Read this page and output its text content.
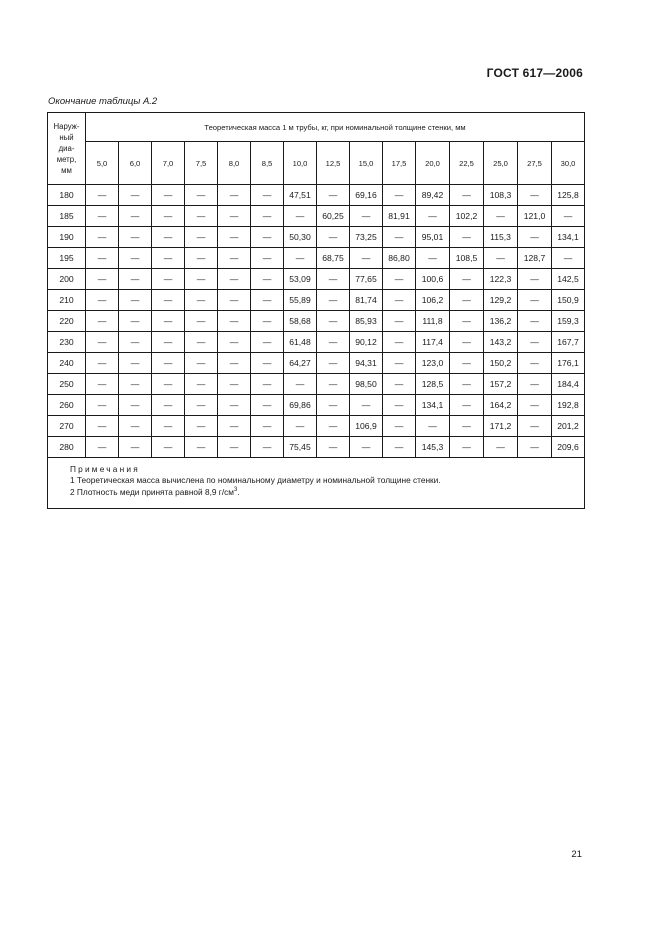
ГОСТ 617—2006
Окончание таблицы А.2
Наруж-
ный
диа-
метр,
мм	Теоретическая масса 1 м трубы, кг, при номинальной толщине стенки, мм														
	5,0	6,0	7,0	7,5	8,0	8,5	10,0	12,5	15,0	17,5	20,0	22,5	25,0	27,5	30,0
180	—	—	—	—	—	—	47,51	—	69,16	—	89,42	—	108,3	—	125,8
185	—	—	—	—	—	—	—	60,25	—	81,91	—	102,2	—	121,0	—
190	—	—	—	—	—	—	50,30	—	73,25	—	95,01	—	115,3	—	134,1
195	—	—	—	—	—	—	—	68,75	—	86,80	—	108,5	—	128,7	—
200	—	—	—	—	—	—	53,09	—	77,65	—	100,6	—	122,3	—	142,5
210	—	—	—	—	—	—	55,89	—	81,74	—	106,2	—	129,2	—	150,9
220	—	—	—	—	—	—	58,68	—	85,93	—	111,8	—	136,2	—	159,3
230	—	—	—	—	—	—	61,48	—	90,12	—	117,4	—	143,2	—	167,7
240	—	—	—	—	—	—	64,27	—	94,31	—	123,0	—	150,2	—	176,1
250	—	—	—	—	—	—	—	—	98,50	—	128,5	—	157,2	—	184,4
260	—	—	—	—	—	—	69,86	—	—	—	134,1	—	164,2	—	192,8
270	—	—	—	—	—	—	—	—	106,9	—	—	—	171,2	—	201,2
280	—	—	—	—	—	—	75,45	—	—	—	145,3	—	—	—	209,6

Примечания
1 Теоретическая масса вычислена по номинальному диаметру и номинальной толщине стенки.
2 Плотность меди принята равной 8,9 $г/см^3$.															
21
